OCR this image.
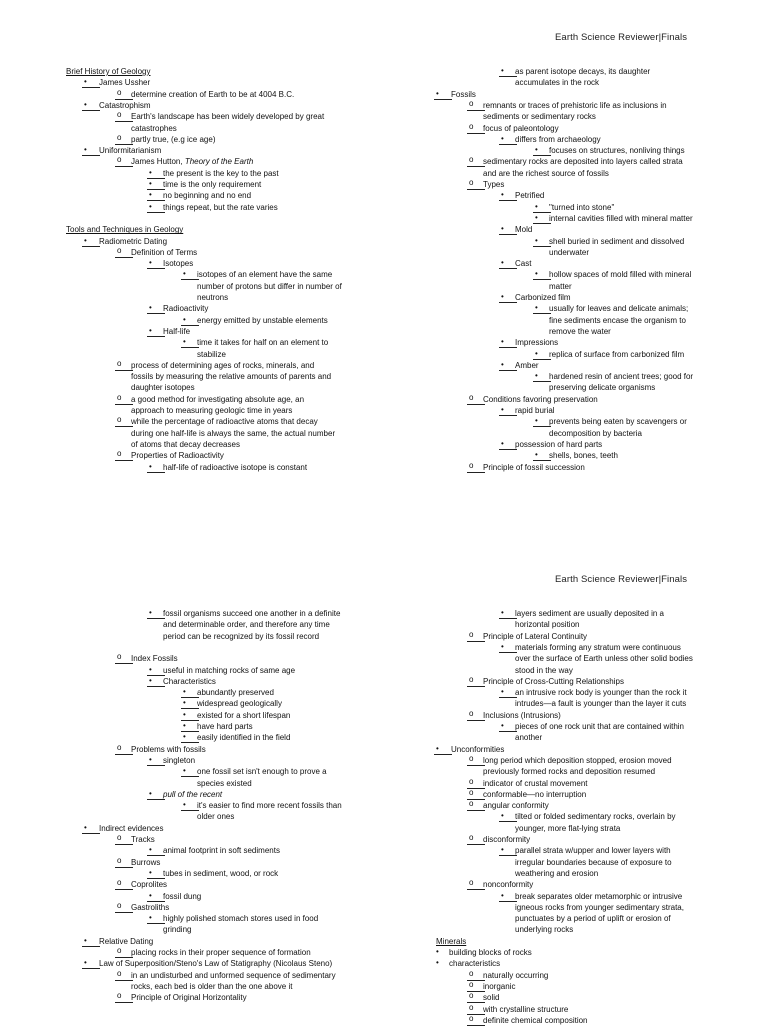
Earth Science Reviewer|Finals
Brief History of Geology
•
James Ussher
o
determine creation of Earth to be at 4004 B.C.
•
Catastrophism
o
Earth's landscape has been widely developed by great
catastrophes
o
partly true, (e.g ice age)
•
Uniformitarianism
o
James Hutton, Theory of the Earth
•
the present is the key to the past
•
time is the only requirement
•
no beginning and no end
•
things repeat, but the rate varies
Tools and Techniques in Geology
•
Radiometric Dating
o
Definition of Terms
•
Isotopes
•
isotopes of an element have the same
number of protons but differ in number of
neutrons
•
Radioactivity
•
energy emitted by unstable elements
•
Half-life
•
time it takes for half on an element to
stabilize
o
process of determining ages of rocks, minerals, and
fossils by measuring the relative amounts of parents and
daughter isotopes
o
a good method for investigating absolute age, an
approach to measuring geologic time in years
o
while the percentage of radioactive atoms that decay
during one half-life is always the same, the actual number
of atoms that decay decreases
o
Properties of Radioactivity
•
half-life of radioactive isotope is constant
•
as parent isotope decays, its daughter
accumulates in the rock
•
Fossils
o
remnants or traces of prehistoric life as inclusions in
sediments or sedimentary rocks
o
focus of paleontology
•
differs from archaeology
•
focuses on structures, nonliving things
o
sedimentary rocks are deposited into layers called strata
and are the richest source of fossils
o
Types
•
Petrified
•
"turned into stone"
•
internal cavities filled with mineral matter
•
Mold
•
shell buried in sediment and dissolved
underwater
•
Cast
•
hollow spaces of mold filled with mineral
matter
•
Carbonized film
•
usually for leaves and delicate animals;
fine sediments encase the organism to
remove the water
•
Impressions
•
replica of surface from carbonized film
•
Amber
•
hardened resin of ancient trees; good for
preserving delicate organisms
o
Conditions favoring preservation
•
rapid burial
•
prevents being eaten by scavengers or
decomposition by bacteria
•
possession of hard parts
•
shells, bones, teeth
o
Principle of fossil succession
Earth Science Reviewer|Finals
•
fossil organisms succeed one another in a definite
and determinable order, and therefore any time
period can be recognized by its fossil record
o
Index Fossils
•
useful in matching rocks of same age
•
Characteristics
•
abundantly preserved
•
widespread geologically
•
existed for a short lifespan
•
have hard parts
•
easily identified in the field
o
Problems with fossils
•
singleton
•
one fossil set isn't enough to prove a
species existed
•
pull of the recent
•
it's easier to find more recent fossils than
older ones
•
Indirect evidences
o
Tracks
•
animal footprint in soft sediments
o
Burrows
•
tubes in sediment, wood, or rock
o
Coprolites
•
fossil dung
o
Gastroliths
•
highly polished stomach stores used in food
grinding
•
Relative Dating
o
placing rocks in their proper sequence of formation
•
Law of Superposition/Steno's Law of Statigraphy (Nicolaus Steno)
o
in an undisturbed and unformed sequence of sedimentary
rocks, each bed is older than the one above it
o
Principle of Original Horizontality
•
layers sediment are usually deposited in a
horizontal position
o
Principle of Lateral Continuity
•
materials forming any stratum were continuous
over the surface of Earth unless other solid bodies
stood in the way
o
Principle of Cross-Cutting Relationships
•
an intrusive rock body is younger than the rock it
intrudes—a fault is younger than the layer it cuts
o
Inclusions (Intrusions)
•
pieces of one rock unit that are contained within
another
•
Unconformities
o
long period which deposition stopped, erosion moved
previously formed rocks and deposition resumed
o
indicator of crustal movement
o
conformable—no interruption
o
angular conformity
•
tilted or folded sedimentary rocks, overlain by
younger, more flat-lying strata
o
disconformity
•
parallel strata w/upper and lower layers with
irregular boundaries because of exposure to
weathering and erosion
o
nonconformity
•
break separates older metamorphic or intrusive
igneous rocks from younger sedimentary strata,
punctuates by a period of uplift or erosion of
underlying rocks
Minerals
•
building blocks of rocks
•
characteristics
o
naturally occurring
o
inorganic
o
solid
o
with crystalline structure
o
definite chemical composition
